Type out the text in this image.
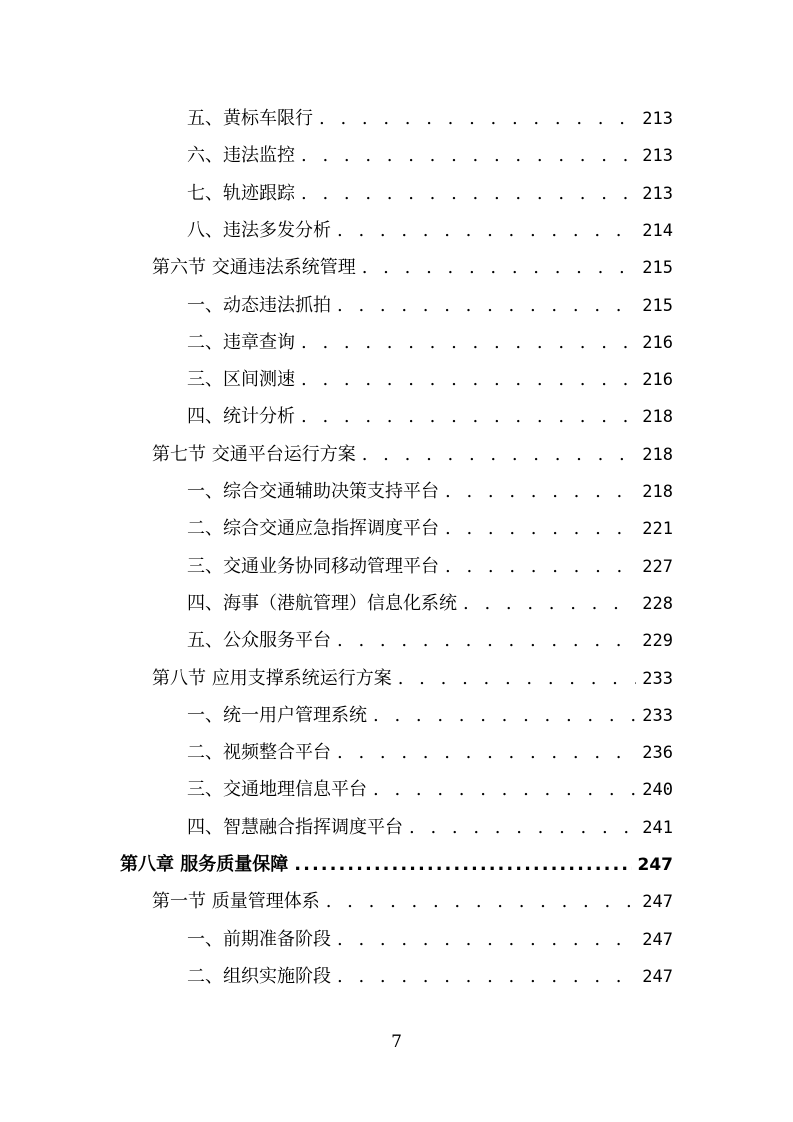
五、黄标车限行 . . .	213
六、违法监控 . . .	213
七、轨迹跟踪 . . .	213
八、违法多发分析 . . .	214
第六节 交通违法系统管理 . . .	215
一、动态违法抓拍 . . .	215
二、违章查询 . . .	216
三、区间测速 . . .	216
四、统计分析 . . .	218
第七节 交通平台运行方案 . . .	218
一、综合交通辅助决策支持平台 . . .	218
二、综合交通应急指挥调度平台 . . .	221
三、交通业务协同移动管理平台 . . .	227
四、海事（港航管理）信息化系统 . . .	228
五、公众服务平台 . . .	229
第八节 应用支撑系统运行方案 . . .	233
一、统一用户管理系统 . . .	233
二、视频整合平台 . . .	236
三、交通地理信息平台 . . .	240
四、智慧融合指挥调度平台 . . .	241
第八章 服务质量保障 .....	247
第一节 质量管理体系 . . .	247
一、前期准备阶段 . . .	247
二、组织实施阶段 . . .	247
7
